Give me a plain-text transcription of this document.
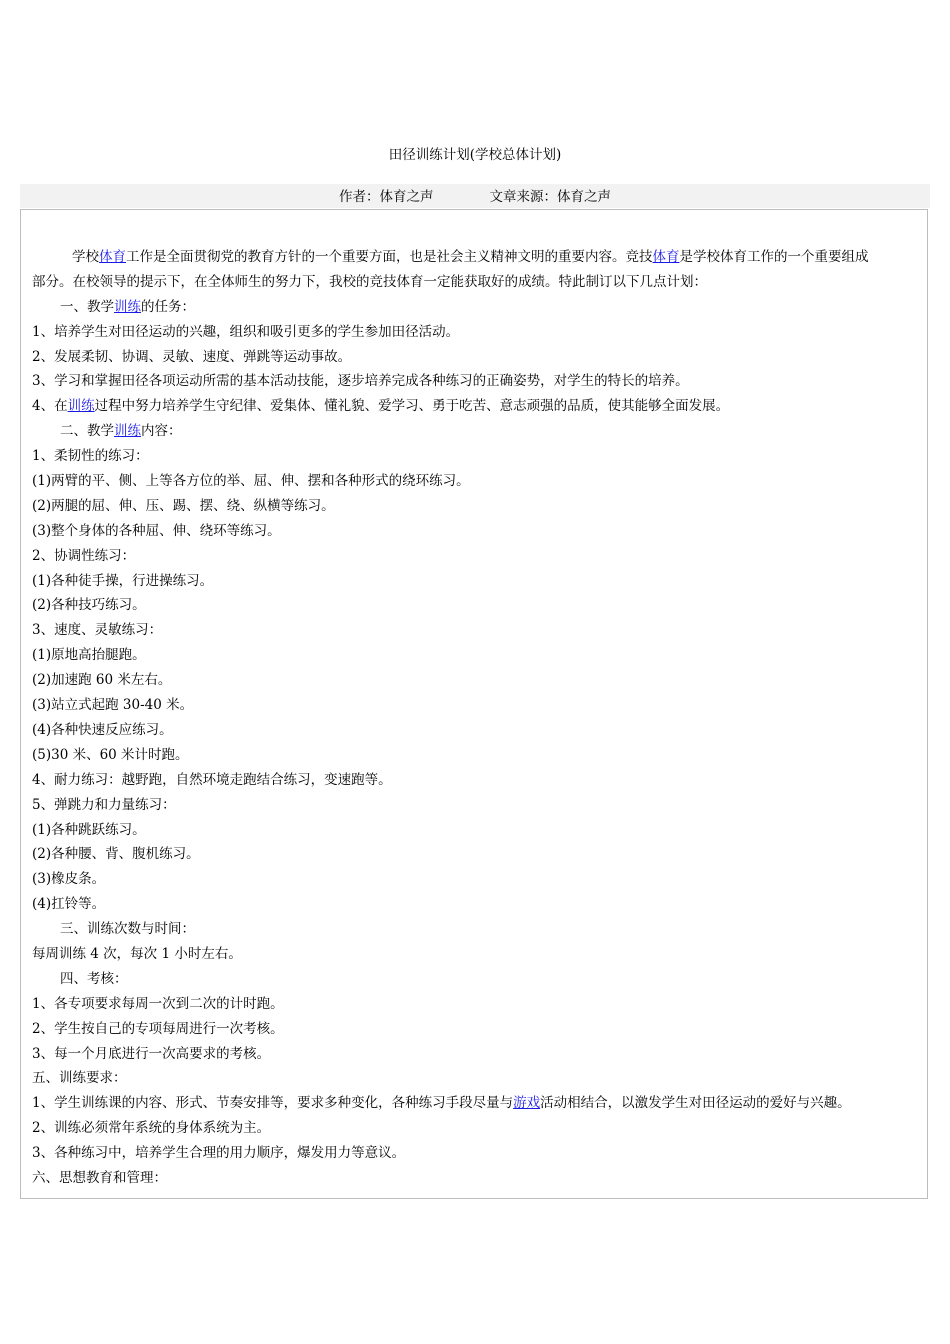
田径训练计划(学校总体计划)
作者：体育之声	文章来源：体育之声
学校体育工作是全面贯彻党的教育方针的一个重要方面，也是社会主义精神文明的重要内容。竞技体育是学校体育工作的一个重要组成
部分。在校领导的提示下，在全体师生的努力下，我校的竞技体育一定能获取好的成绩。特此制订以下几点计划：
一、教学训练的任务：
1、培养学生对田径运动的兴趣，组织和吸引更多的学生参加田径活动。
2、发展柔韧、协调、灵敏、速度、弹跳等运动事故。
3、学习和掌握田径各项运动所需的基本活动技能，逐步培养完成各种练习的正确姿势，对学生的特长的培养。
4、在训练过程中努力培养学生守纪律、爱集体、懂礼貌、爱学习、勇于吃苦、意志顽强的品质，使其能够全面发展。
二、教学训练内容：
1、柔韧性的练习：
(1)两臂的平、侧、上等各方位的举、屈、伸、摆和各种形式的绕环练习。
(2)两腿的屈、伸、压、踢、摆、绕、纵横等练习。
(3)整个身体的各种屈、伸、绕环等练习。
2、协调性练习：
(1)各种徒手操，行进操练习。
(2)各种技巧练习。
3、速度、灵敏练习：
(1)原地高抬腿跑。
(2)加速跑 60 米左右。
(3)站立式起跑 30-40 米。
(4)各种快速反应练习。
(5)30 米、60 米计时跑。
4、耐力练习：越野跑，自然环境走跑结合练习，变速跑等。
5、弹跳力和力量练习：
(1)各种跳跃练习。
(2)各种腰、背、腹机练习。
(3)橡皮条。
(4)扛铃等。
三、训练次数与时间：
每周训练 4 次，每次 1 小时左右。
四、考核：
1、各专项要求每周一次到二次的计时跑。
2、学生按自己的专项每周进行一次考核。
3、每一个月底进行一次高要求的考核。
五、训练要求：
1、学生训练课的内容、形式、节奏安排等，要求多种变化，各种练习手段尽量与游戏活动相结合，以激发学生对田径运动的爱好与兴趣。
2、训练必须常年系统的身体系统为主。
3、各种练习中，培养学生合理的用力顺序，爆发用力等意议。
六、思想教育和管理：
